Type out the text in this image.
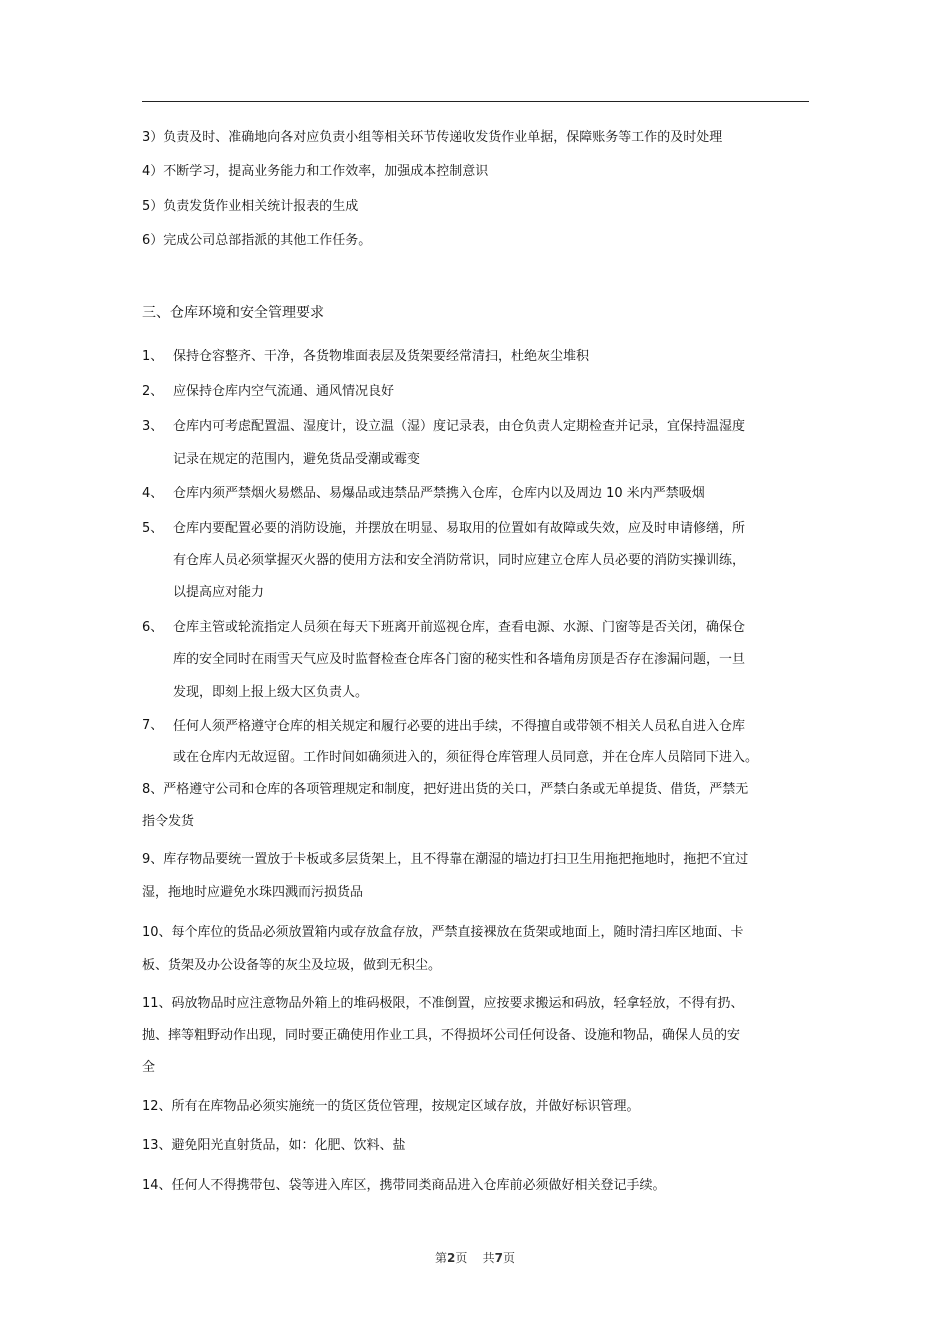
3）负责及时、准确地向各对应负责小组等相关环节传递收发货作业单据，保障账务等工作的及时处理
4）不断学习，提高业务能力和工作效率，加强成本控制意识
5）负责发货作业相关统计报表的生成
6）完成公司总部指派的其他工作任务。
三、仓库环境和安全管理要求
1、 保持仓容整齐、干净，各货物堆面表层及货架要经常清扫，杜绝灰尘堆积
2、 应保持仓库内空气流通、通风情况良好
3、 仓库内可考虑配置温、湿度计，设立温（湿）度记录表，由仓负责人定期检查并记录，宜保持温湿度
记录在规定的范围内，避免货品受潮或霉变
4、 仓库内须严禁烟火易燃品、易爆品或违禁品严禁携入仓库，仓库内以及周边 10 米内严禁吸烟
5、 仓库内要配置必要的消防设施，并摆放在明显、易取用的位置如有故障或失效，应及时申请修缮，所
有仓库人员必须掌握灭火器的使用方法和安全消防常识，同时应建立仓库人员必要的消防实操训练，
以提高应对能力
6、 仓库主管或轮流指定人员须在每天下班离开前巡视仓库，查看电源、水源、门窗等是否关闭，确保仓
库的安全同时在雨雪天气应及时监督检查仓库各门窗的秘实性和各墙角房顶是否存在渗漏问题，一旦
发现，即刻上报上级大区负责人。
7、 任何人须严格遵守仓库的相关规定和履行必要的进出手续，不得擅自或带领不相关人员私自进入仓库
或在仓库内无故逗留。工作时间如确须进入的，须征得仓库管理人员同意，并在仓库人员陪同下进入。
8、严格遵守公司和仓库的各项管理规定和制度，把好进出货的关口，严禁白条或无单提货、借货，严禁无
指令发货
9、库存物品要统一置放于卡板或多层货架上，且不得靠在潮湿的墙边打扫卫生用拖把拖地时，拖把不宜过
湿，拖地时应避免水珠四溅而污损货品
10、每个库位的货品必须放置箱内或存放盒存放，严禁直接裸放在货架或地面上，随时清扫库区地面、卡
板、货架及办公设备等的灰尘及垃圾，做到无积尘。
11、码放物品时应注意物品外箱上的堆码极限，不准倒置，应按要求搬运和码放，轻拿轻放，不得有扔、
抛、摔等粗野动作出现，同时要正确使用作业工具，不得损坏公司任何设备、设施和物品，确保人员的安
全
12、所有在库物品必须实施统一的货区货位管理，按规定区域存放，并做好标识管理。
13、避免阳光直射货品，如：化肥、饮料、盐
14、任何人不得携带包、袋等进入库区，携带同类商品进入仓库前必须做好相关登记手续。
第2页    共7页
